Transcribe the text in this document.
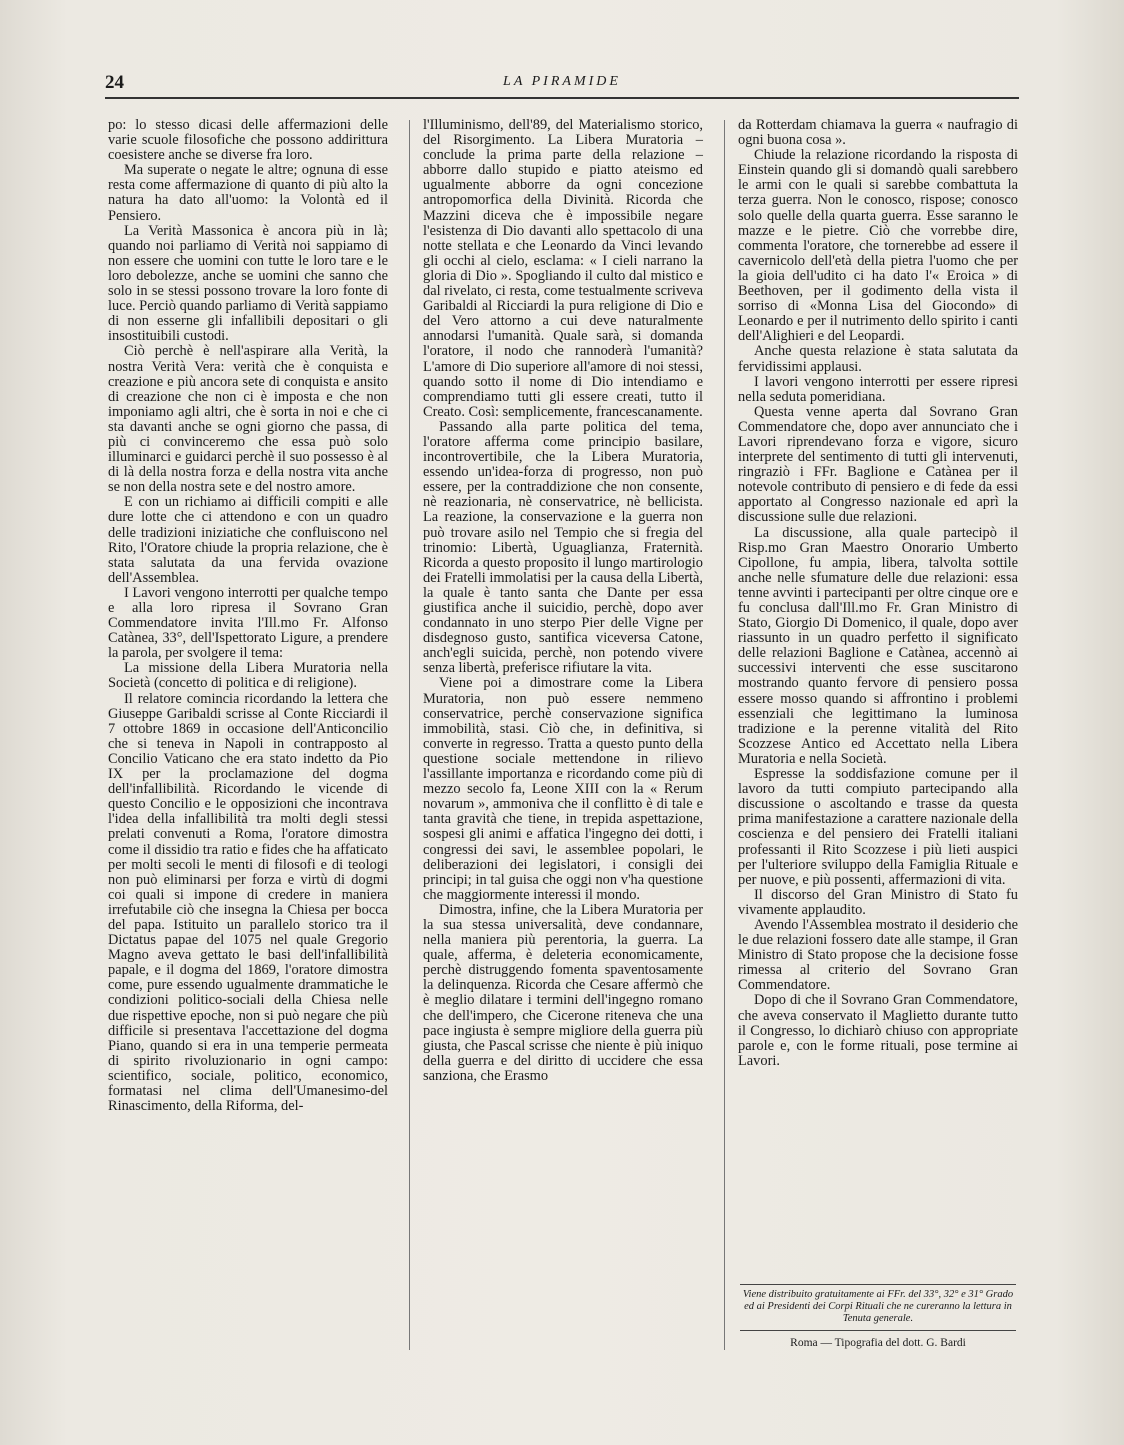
24	LA PIRAMIDE

po: lo stesso dicasi delle affermazioni delle varie scuole filosofiche che possono addirittura coesistere anche se diverse fra loro.

Ma superate o negate le altre; ognuna di esse resta come affermazione di quanto di più alto la natura ha dato all'uomo: la Volontà ed il Pensiero.

La Verità Massonica è ancora più in là; quando noi parliamo di Verità noi sappiamo di non essere che uomini con tutte le loro tare e le loro debolezze, anche se uomini che sanno che solo in se stessi possono trovare la loro fonte di luce. Perciò quando parliamo di Verità sappiamo di non esserne gli infallibili depositari o gli insostituibili custodi.

Ciò perchè è nell'aspirare alla Verità, la nostra Verità Vera: verità che è conquista e creazione e più ancora sete di conquista e ansito di creazione che non ci è imposta e che non imponiamo agli altri, che è sorta in noi e che ci sta davanti anche se ogni giorno che passa, di più ci convinceremo che essa può solo illuminarci e guidarci perchè il suo possesso è al di là della nostra forza e della nostra vita anche se non della nostra sete e del nostro amore.

E con un richiamo ai difficili compiti e alle dure lotte che ci attendono e con un quadro delle tradizioni iniziatiche che confluiscono nel Rito, l'Oratore chiude la propria relazione, che è stata salutata da una fervida ovazione dell'Assemblea.

I Lavori vengono interrotti per qualche tempo e alla loro ripresa il Sovrano Gran Commendatore invita l'Ill.mo Fr. Alfonso Catànea, 33°, dell'Ispettorato Ligure, a prendere la parola, per svolgere il tema:

La missione della Libera Muratoria nella Società (concetto di politica e di religione).

Il relatore comincia ricordando la lettera che Giuseppe Garibaldi scrisse al Conte Ricciardi il 7 ottobre 1869 in occasione dell'Anticoncilio che si teneva in Napoli in contrapposto al Concilio Vaticano che era stato indetto da Pio IX per la proclamazione del dogma dell'infallibilità. Ricordando le vicende di questo Concilio e le opposizioni che incontrava l'idea della infallibilità tra molti degli stessi prelati convenuti a Roma, l'oratore dimostra come il dissidio tra ratio e fides che ha affaticato per molti secoli le menti di filosofi e di teologi non può eliminarsi per forza e virtù di dogmi coi quali si impone di credere in maniera irrefutabile ciò che insegna la Chiesa per bocca del papa. Istituito un parallelo storico tra il Dictatus papae del 1075 nel quale Gregorio Magno aveva gettato le basi dell'infallibilità papale, e il dogma del 1869, l'oratore dimostra come, pure essendo ugualmente drammatiche le condizioni politico-sociali della Chiesa nelle due rispettive epoche, non si può negare che più difficile si presentava l'accettazione del dogma Piano, quando si era in una temperie permeata di spirito rivoluzionario in ogni campo: scientifico, sociale, politico, economico, formatasi nel clima dell'Umanesimo-del Rinascimento, della Riforma, del-

l'Illuminismo, dell'89, del Materialismo storico, del Risorgimento. La Libera Muratoria – conclude la prima parte della relazione – abborre dallo stupido e piatto ateismo ed ugualmente abborre da ogni concezione antropomorfica della Divinità. Ricorda che Mazzini diceva che è impossibile negare l'esistenza di Dio davanti allo spettacolo di una notte stellata e che Leonardo da Vinci levando gli occhi al cielo, esclama: « I cieli narrano la gloria di Dio ». Spogliando il culto dal mistico e dal rivelato, ci resta, come testualmente scriveva Garibaldi al Ricciardi la pura religione di Dio e del Vero attorno a cui deve naturalmente annodarsi l'umanità. Quale sarà, si domanda l'oratore, il nodo che rannoderà l'umanità? L'amore di Dio superiore all'amore di noi stessi, quando sotto il nome di Dio intendiamo e comprendiamo tutti gli essere creati, tutto il Creato. Così: semplicemente, francescanamente.

Passando alla parte politica del tema, l'oratore afferma come principio basilare, incontrovertibile, che la Libera Muratoria, essendo un'idea-forza di progresso, non può essere, per la contraddizione che non consente, nè reazionaria, nè conservatrice, nè bellicista. La reazione, la conservazione e la guerra non può trovare asilo nel Tempio che si fregia del trinomio: Libertà, Uguaglianza, Fraternità. Ricorda a questo proposito il lungo martirologio dei Fratelli immolatisi per la causa della Libertà, la quale è tanto santa che Dante per essa giustifica anche il suicidio, perchè, dopo aver condannato in uno sterpo Pier delle Vigne per disdegnoso gusto, santifica viceversa Catone, anch'egli suicida, perchè, non potendo vivere senza libertà, preferisce rifiutare la vita.

Viene poi a dimostrare come la Libera Muratoria, non può essere nemmeno conservatrice, perchè conservazione significa immobilità, stasi. Ciò che, in definitiva, si converte in regresso. Tratta a questo punto della questione sociale mettendone in rilievo l'assillante importanza e ricordando come più di mezzo secolo fa, Leone XIII con la « Rerum novarum », ammoniva che il conflitto è di tale e tanta gravità che tiene, in trepida aspettazione, sospesi gli animi e affatica l'ingegno dei dotti, i congressi dei savi, le assemblee popolari, le deliberazioni dei legislatori, i consigli dei principi; in tal guisa che oggi non v'ha questione che maggiormente interessi il mondo.

Dimostra, infine, che la Libera Muratoria per la sua stessa universalità, deve condannare, nella maniera più perentoria, la guerra. La quale, afferma, è deleteria economicamente, perchè distruggendo fomenta spaventosamente la delinquenza. Ricorda che Cesare affermò che è meglio dilatare i termini dell'ingegno romano che dell'impero, che Cicerone riteneva che una pace ingiusta è sempre migliore della guerra più giusta, che Pascal scrisse che niente è più iniquo della guerra e del diritto di uccidere che essa sanziona, che Erasmo

da Rotterdam chiamava la guerra « naufragio di ogni buona cosa ».

Chiude la relazione ricordando la risposta di Einstein quando gli si domandò quali sarebbero le armi con le quali si sarebbe combattuta la terza guerra. Non le conosco, rispose; conosco solo quelle della quarta guerra. Esse saranno le mazze e le pietre. Ciò che vorrebbe dire, commenta l'oratore, che tornerebbe ad essere il cavernicolo dell'età della pietra l'uomo che per la gioia dell'udito ci ha dato l'« Eroica » di Beethoven, per il godimento della vista il sorriso di «Monna Lisa del Giocondo» di Leonardo e per il nutrimento dello spirito i canti dell'Alighieri e del Leopardi.

Anche questa relazione è stata salutata da fervidissimi applausi.

I lavori vengono interrotti per essere ripresi nella seduta pomeridiana.

Questa venne aperta dal Sovrano Gran Commendatore che, dopo aver annunciato che i Lavori riprendevano forza e vigore, sicuro interprete del sentimento di tutti gli intervenuti, ringraziò i FFr. Baglione e Catànea per il notevole contributo di pensiero e di fede da essi apportato al Congresso nazionale ed aprì la discussione sulle due relazioni.

La discussione, alla quale partecipò il Risp.mo Gran Maestro Onorario Umberto Cipollone, fu ampia, libera, talvolta sottile anche nelle sfumature delle due relazioni: essa tenne avvinti i partecipanti per oltre cinque ore e fu conclusa dall'Ill.mo Fr. Gran Ministro di Stato, Giorgio Di Domenico, il quale, dopo aver riassunto in un quadro perfetto il significato delle relazioni Baglione e Catànea, accennò ai successivi interventi che esse suscitarono mostrando quanto fervore di pensiero possa essere mosso quando si affrontino i problemi essenziali che legittimano la luminosa tradizione e la perenne vitalità del Rito Scozzese Antico ed Accettato nella Libera Muratoria e nella Società.

Espresse la soddisfazione comune per il lavoro da tutti compiuto partecipando alla discussione o ascoltando e trasse da questa prima manifestazione a carattere nazionale della coscienza e del pensiero dei Fratelli italiani professanti il Rito Scozzese i più lieti auspici per l'ulteriore sviluppo della Famiglia Rituale e per nuove, e più possenti, affermazioni di vita.

Il discorso del Gran Ministro di Stato fu vivamente applaudito.

Avendo l'Assemblea mostrato il desiderio che le due relazioni fossero date alle stampe, il Gran Ministro di Stato propose che la decisione fosse rimessa al criterio del Sovrano Gran Commendatore.

Dopo di che il Sovrano Gran Commendatore, che aveva conservato il Maglietto durante tutto il Congresso, lo dichiarò chiuso con appropriate parole e, con le forme rituali, pose termine ai Lavori.

Viene distribuito gratuitamente ai FFr. del 33°, 32° e 31° Grado ed ai Presidenti dei Corpi Rituali che ne cureranno la lettura in Tenuta generale.
Roma — Tipografia del dott. G. Bardi
